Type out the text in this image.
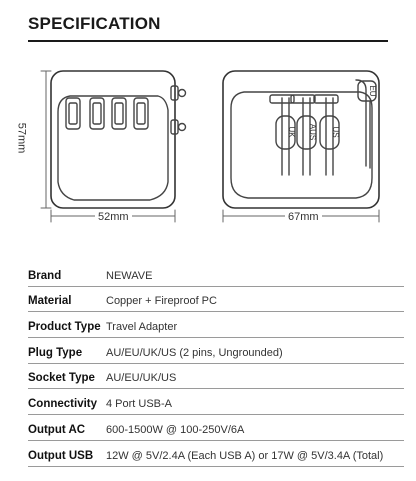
SPECIFICATION
UK AUS US
EU
57mm
52mm	67mm
Brand	NEWAVE
Material	Copper + Fireproof PC
Product Type Travel Adapter
Plug Type AU/EU/UK/US (2 pins, Ungrounded)
Socket Type AU/EU/UK/US
Connectivity 4 Port USB-A
Output AC 600-1500W @ 100-250V/6A
Output USB 12W @ 5V/2.4A (Each USB A) or 17W @ 5V/3.4A (Total)
